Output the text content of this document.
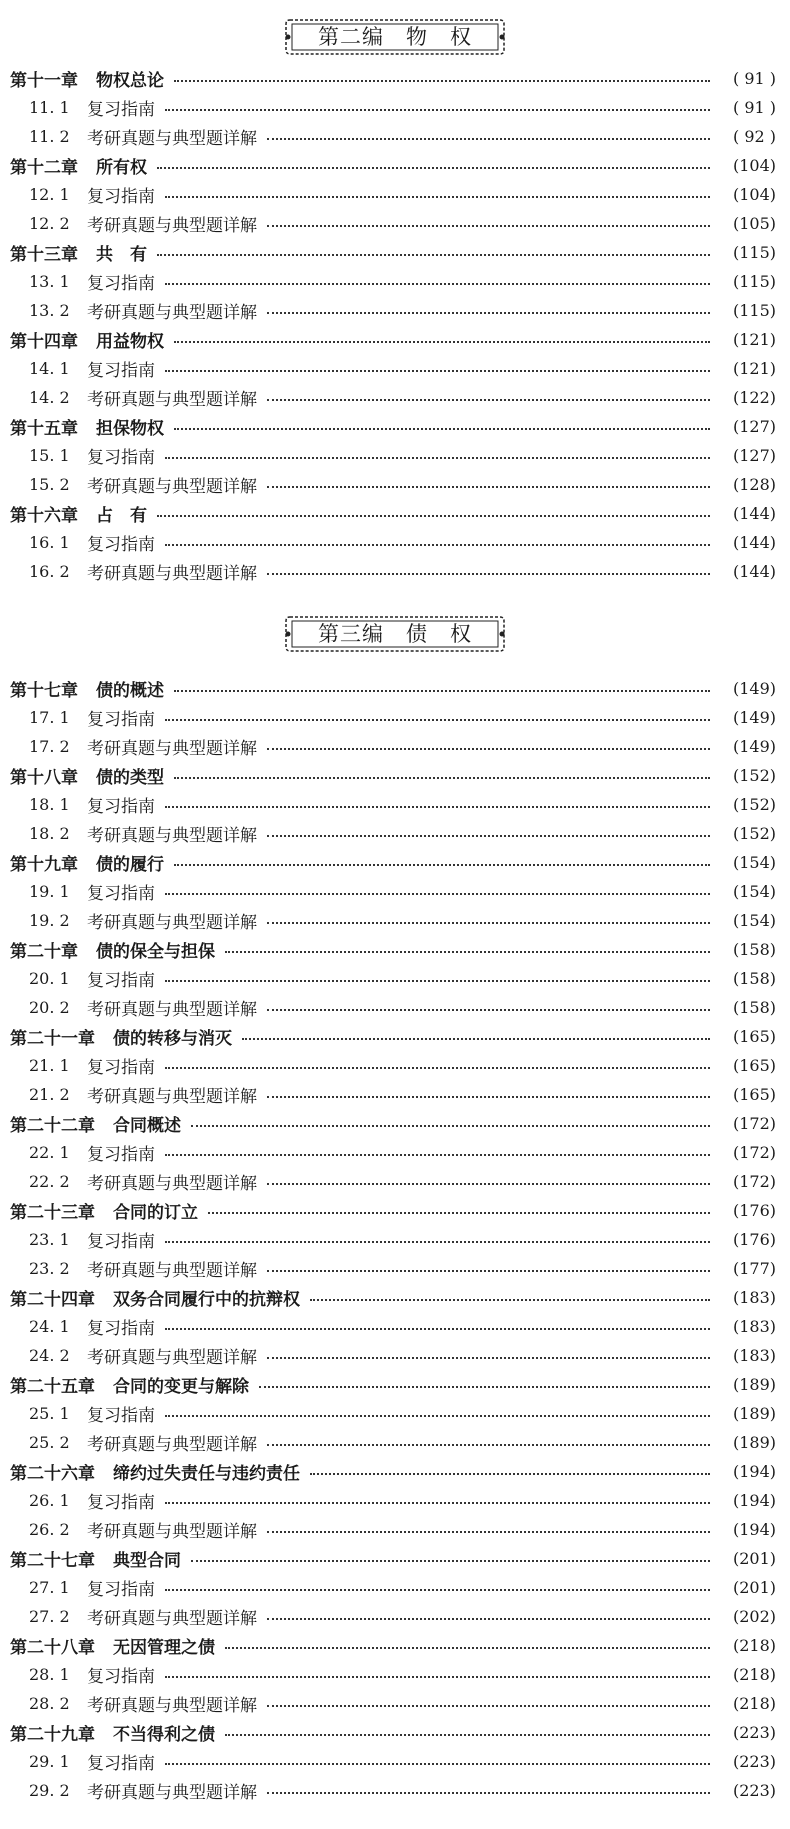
第二编　物　权
第十一章 物权总论	( 91 )
11. 1	复习指南	( 91 )
11. 2	考研真题与典型题详解	( 92 )
第十二章 所有权	(104)
12. 1	复习指南	(104)
12. 2	考研真题与典型题详解	(105)
第十三章 共　有	(115)
13. 1	复习指南	(115)
13. 2	考研真题与典型题详解	(115)
第十四章 用益物权	(121)
14. 1	复习指南	(121)
14. 2	考研真题与典型题详解	(122)
第十五章 担保物权	(127)
15. 1	复习指南	(127)
15. 2	考研真题与典型题详解	(128)
第十六章 占　有	(144)
16. 1	复习指南	(144)
16. 2	考研真题与典型题详解	(144)
第三编　债　权
第十七章 债的概述	(149)
17. 1	复习指南	(149)
17. 2	考研真题与典型题详解	(149)
第十八章 债的类型	(152)
18. 1	复习指南	(152)
18. 2	考研真题与典型题详解	(152)
第十九章 债的履行	(154)
19. 1	复习指南	(154)
19. 2	考研真题与典型题详解	(154)
第二十章 债的保全与担保	(158)
20. 1	复习指南	(158)
20. 2	考研真题与典型题详解	(158)
第二十一章 债的转移与消灭	(165)
21. 1	复习指南	(165)
21. 2	考研真题与典型题详解	(165)
第二十二章 合同概述	(172)
22. 1	复习指南	(172)
22. 2	考研真题与典型题详解	(172)
第二十三章 合同的订立	(176)
23. 1	复习指南	(176)
23. 2	考研真题与典型题详解	(177)
第二十四章 双务合同履行中的抗辩权	(183)
24. 1	复习指南	(183)
24. 2	考研真题与典型题详解	(183)
第二十五章 合同的变更与解除	(189)
25. 1	复习指南	(189)
25. 2	考研真题与典型题详解	(189)
第二十六章 缔约过失责任与违约责任	(194)
26. 1	复习指南	(194)
26. 2	考研真题与典型题详解	(194)
第二十七章 典型合同	(201)
27. 1	复习指南	(201)
27. 2	考研真题与典型题详解	(202)
第二十八章 无因管理之债	(218)
28. 1	复习指南	(218)
28. 2	考研真题与典型题详解	(218)
第二十九章 不当得利之债	(223)
29. 1	复习指南	(223)
29. 2	考研真题与典型题详解	(223)
